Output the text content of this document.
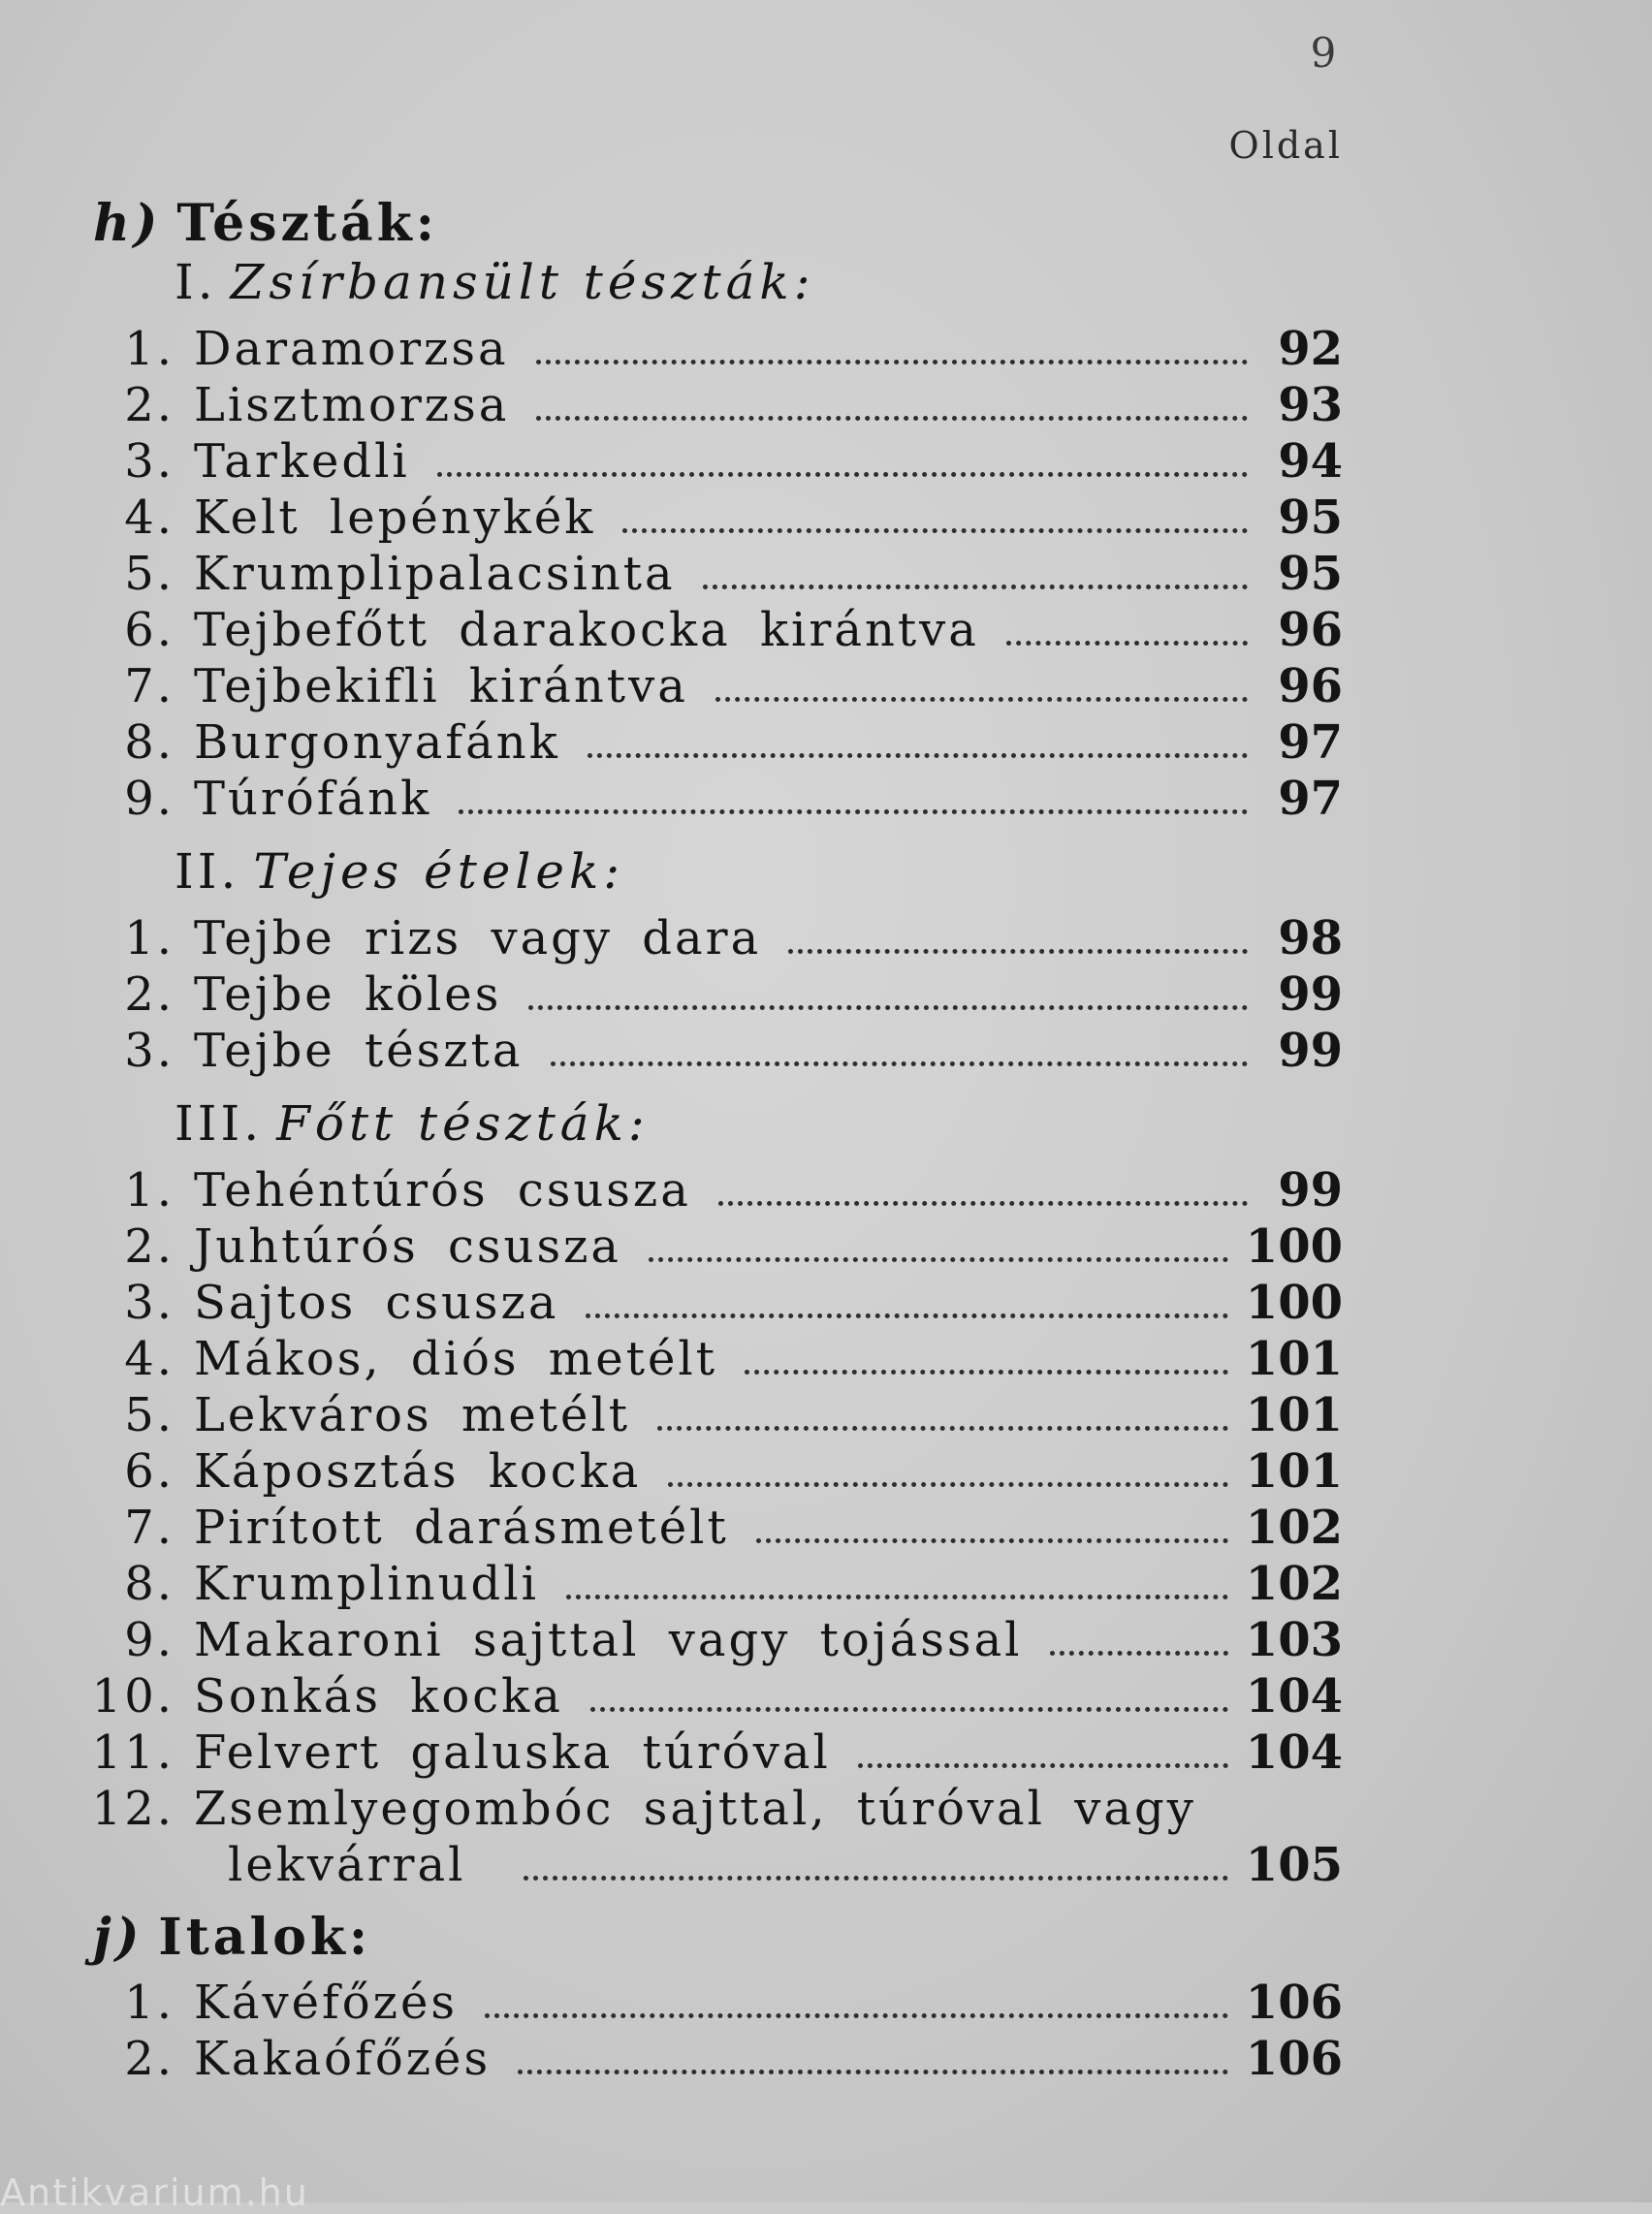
9
Oldal
h) Tészták:
I. Zsírbansült tészták:
1. Daramorzsa	92
2. Lisztmorzsa	93
3. Tarkedli	94
4. Kelt lepénykék	95
5. Krumplipalacsinta	95
6. Tejbefőtt darakocka kirántva	96
7. Tejbekifli kirántva	96
8. Burgonyafánk	97
9. Túrófánk	97
II. Tejes ételek:
1. Tejbe rizs vagy dara	98
2. Tejbe köles	99
3. Tejbe tészta	99
III. Főtt tészták:
1. Tehéntúrós csusza	99
2. Juhtúrós csusza	100
3. Sajtos csusza	100
4. Mákos, diós metélt	101
5. Lekváros metélt	101
6. Káposztás kocka	101
7. Pirított darásmetélt	102
8. Krumplinudli	102
9. Makaroni sajttal vagy tojással	103
10. Sonkás kocka	104
11. Felvert galuska túróval	104
12. Zsemlyegombóc sajttal, túróval vagy
lekvárral	105
j) Italok:
1. Kávéfőzés	106
2. Kakaófőzés	106
Antikvarium.hu
